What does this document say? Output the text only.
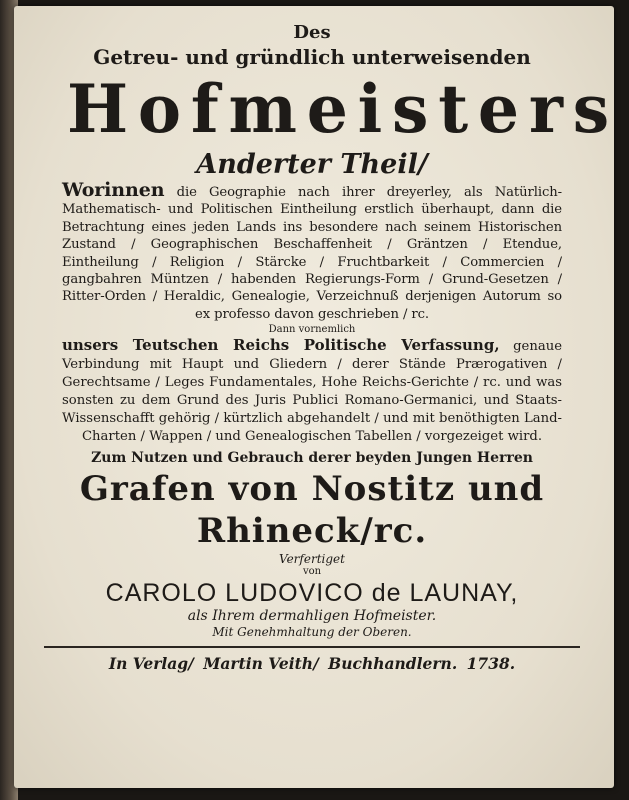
Des
Getreu- und gründlich unterweisenden
Hofmeisters
Anderter Theil/
Worinnen die Geographie nach ihrer dreyerley, als Natürlich-Mathematisch- und Politischen Eintheilung erstlich überhaupt, dann die Betrachtung eines jeden Lands ins besondere nach seinem Historischen Zustand / Geographischen Beschaffenheit / Gräntzen / Etendue, Eintheilung / Religion / Stärcke / Fruchtbarkeit / Commercien / gangbahren Müntzen / habenden Regierungs-Form / Grund-Gesetzen / Ritter-Orden / Heraldic, Genealogie, Verzeichnuß derjenigen Autorum so ex professo davon geschrieben / rc.
Dann vornemlich
unsers Teutschen Reichs Politische Verfassung, genaue Verbindung mit Haupt und Gliedern / derer Stände Prærogativen / Gerechtsame / Leges Fundamentales, Hohe Reichs-Gerichte / rc. und was sonsten zu dem Grund des Juris Publici Romano-Germanici, und Staats-Wissenschafft gehörig / kürtzlich abgehandelt / und mit benöthigten Land-Charten / Wappen / und Genealogischen Tabellen / vorgezeiget wird.
Zum Nutzen und Gebrauch derer beyden Jungen Herren
Grafen von Nostitz und Rhineck/rc.
Verfertiget
von
CAROLO LUDOVICO de LAUNAY,
als Ihrem dermahligen Hofmeister.
Mit Genehmhaltung der Oberen.
In Verlag/ Martin Veith/ Buchhandlern. 1738.
